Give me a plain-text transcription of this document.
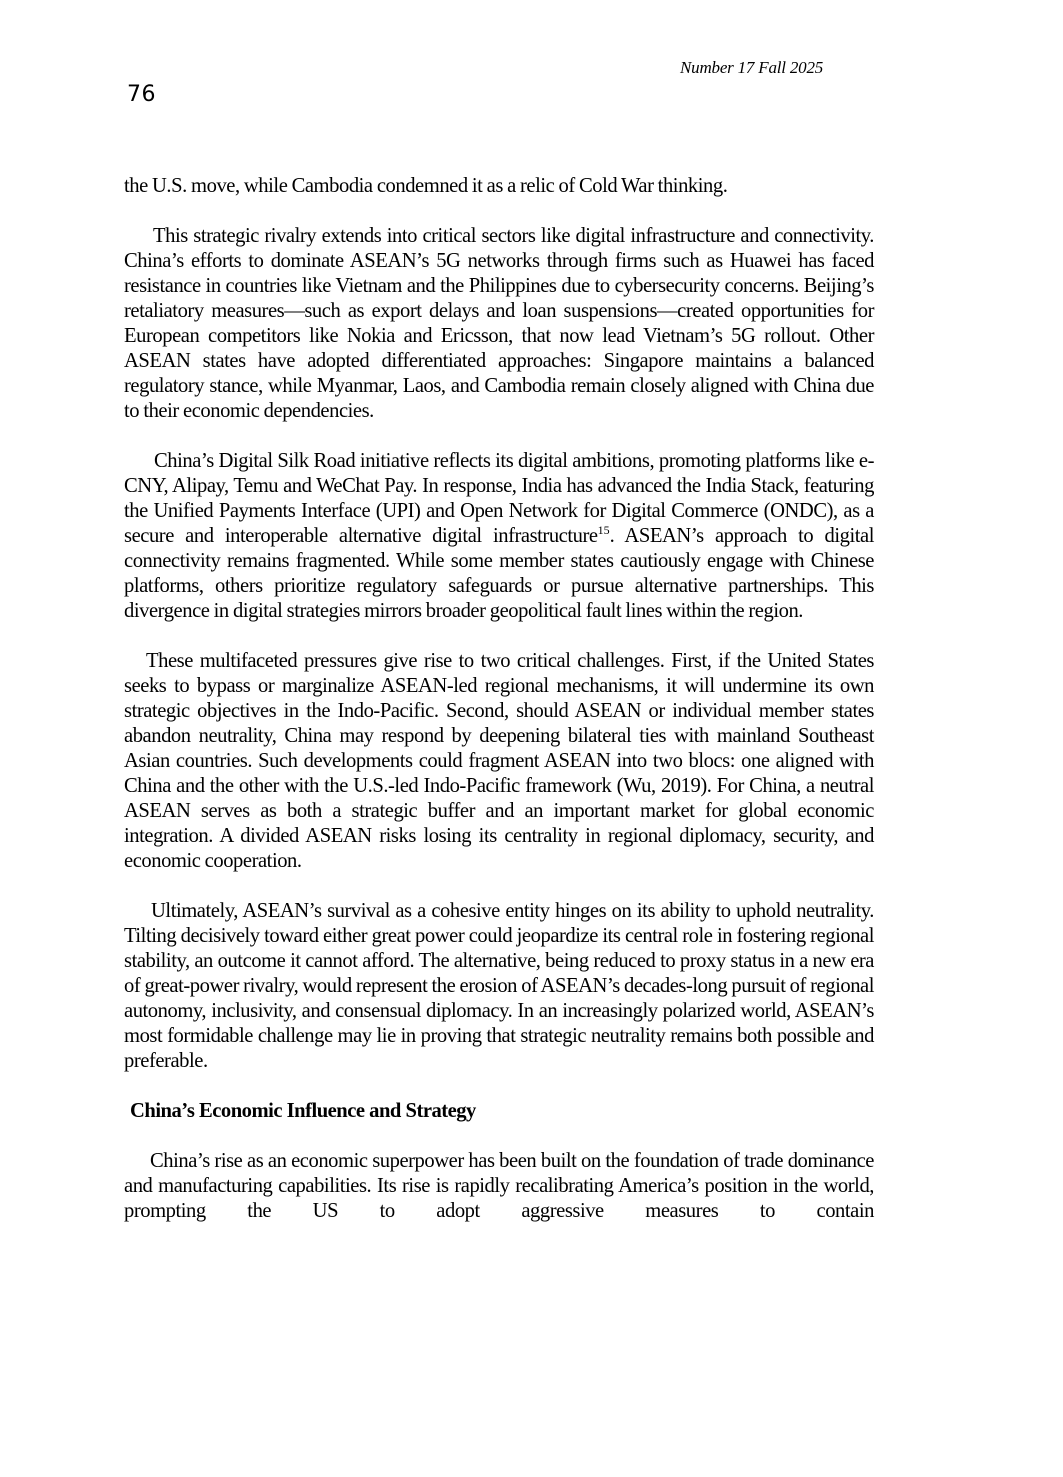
Number 17 Fall 2025
76

the U.S. move, while Cambodia condemned it as a relic of Cold War thinking.

This strategic rivalry extends into critical sectors like digital infrastructure and connectivity. China’s efforts to dominate ASEAN’s 5G networks through firms such as Huawei has faced resistance in countries like Vietnam and the Philippines due to cybersecurity concerns. Beijing’s retaliatory measures—such as export delays and loan suspensions—created opportunities for European competitors like Nokia and Ericsson, that now lead Vietnam’s 5G rollout. Other ASEAN states have adopted differentiated approaches: Singapore maintains a balanced regulatory stance, while Myanmar, Laos, and Cambodia remain closely aligned with China due to their economic dependencies.

China’s Digital Silk Road initiative reflects its digital ambitions, promoting platforms like e-CNY, Alipay, Temu and WeChat Pay. In response, India has advanced the India Stack, featuring the Unified Payments Interface (UPI) and Open Network for Digital Commerce (ONDC), as a secure and interoperable alternative digital infrastructure$^{15}$. ASEAN’s approach to digital connectivity remains fragmented. While some member states cautiously engage with Chinese platforms, others prioritize regulatory safeguards or pursue alternative partnerships. This divergence in digital strategies mirrors broader geopolitical fault lines within the region.

These multifaceted pressures give rise to two critical challenges. First, if the United States seeks to bypass or marginalize ASEAN-led regional mechanisms, it will undermine its own strategic objectives in the Indo-Pacific. Second, should ASEAN or individual member states abandon neutrality, China may respond by deepening bilateral ties with mainland Southeast Asian countries. Such developments could fragment ASEAN into two blocs: one aligned with China and the other with the U.S.-led Indo-Pacific framework (Wu, 2019). For China, a neutral ASEAN serves as both a strategic buffer and an important market for global economic integration. A divided ASEAN risks losing its centrality in regional diplomacy, security, and economic cooperation.

Ultimately, ASEAN’s survival as a cohesive entity hinges on its ability to uphold neutrality. Tilting decisively toward either great power could jeopardize its central role in fostering regional stability, an outcome it cannot afford. The alternative, being reduced to proxy status in a new era of great-power rivalry, would represent the erosion of ASEAN’s decades-long pursuit of regional autonomy, inclusivity, and consensual diplomacy. In an increasingly polarized world, ASEAN’s most formidable challenge may lie in proving that strategic neutrality remains both possible and preferable.

China’s Economic Influence and Strategy

China’s rise as an economic superpower has been built on the foundation of trade dominance and manufacturing capabilities. Its rise is rapidly recalibrating America’s position in the world, prompting the US to adopt aggressive measures to contain
